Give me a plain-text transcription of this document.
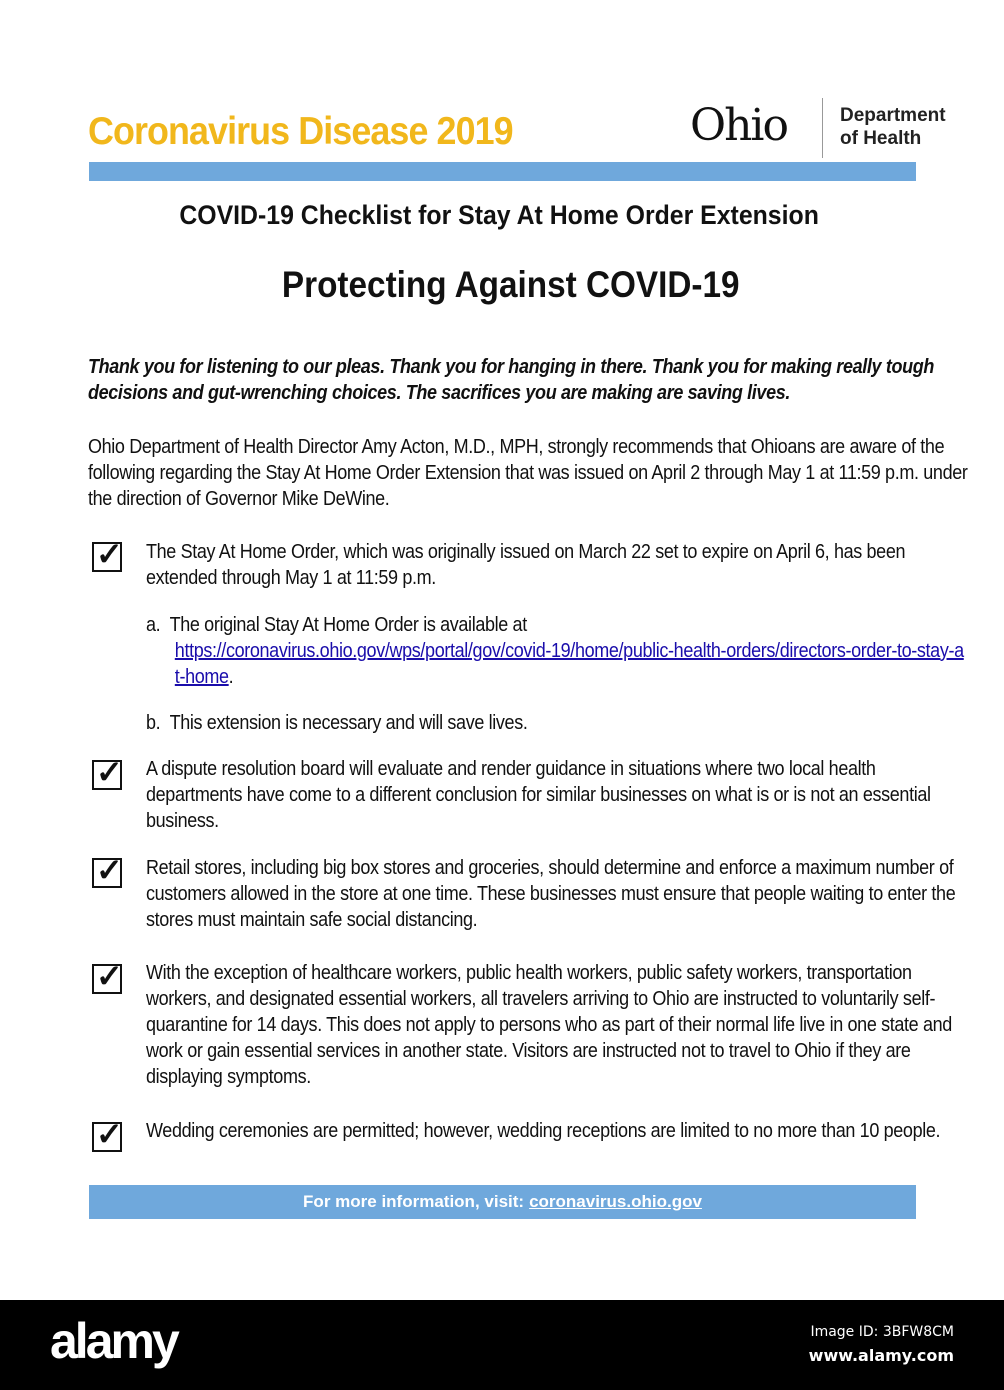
Coronavirus Disease 2019	Ohio	Department
of Health
COVID-19 Checklist for Stay At Home Order Extension
Protecting Against COVID-19
Thank you for listening to our pleas. Thank you for hanging in there. Thank you for making really tough decisions and gut-wrenching choices. The sacrifices you are making are saving lives.
Ohio Department of Health Director Amy Acton, M.D., MPH, strongly recommends that Ohioans are aware of the following regarding the Stay At Home Order Extension that was issued on April 2 through May 1 at 11:59 p.m. under the direction of Governor Mike DeWine.
✓ The Stay At Home Order, which was originally issued on March 22 set to expire on April 6, has been extended through May 1 at 11:59 p.m.
a. The original Stay At Home Order is available at
https://coronavirus.ohio.gov/wps/portal/gov/covid-19/home/public-health-orders/directors-order-to-stay-at-home.
b. This extension is necessary and will save lives.
✓ A dispute resolution board will evaluate and render guidance in situations where two local health departments have come to a different conclusion for similar businesses on what is or is not an essential business.
✓ Retail stores, including big box stores and groceries, should determine and enforce a maximum number of customers allowed in the store at one time. These businesses must ensure that people waiting to enter the stores must maintain safe social distancing.
✓ With the exception of healthcare workers, public health workers, public safety workers, transportation workers, and designated essential workers, all travelers arriving to Ohio are instructed to voluntarily self-quarantine for 14 days. This does not apply to persons who as part of their normal life live in one state and work or gain essential services in another state. Visitors are instructed not to travel to Ohio if they are displaying symptoms.
✓ Wedding ceremonies are permitted; however, wedding receptions are limited to no more than 10 people.
For more information, visit: coronavirus.ohio.gov
alamy	Image ID: 3BFW8CM
www.alamy.com
